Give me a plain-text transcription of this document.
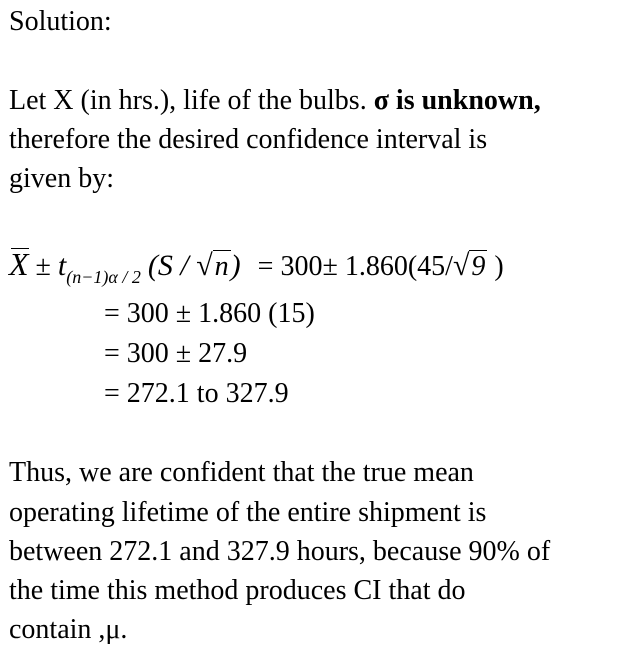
Solution:
Let X (in hrs.), life of the bulbs. σ is unknown,
therefore the desired confidence interval is
given by:
$X \pm t_{(n-1)\alpha / 2}$ (S / √n) = 300± 1.860(45/√9 )
= 300 ± 1.860 (15)
= 300 ± 27.9
= 272.1 to 327.9
Thus, we are confident that the true mean
operating lifetime of the entire shipment is
between 272.1 and 327.9 hours, because 90% of
the time this method produces CI that do
contain ,μ.
